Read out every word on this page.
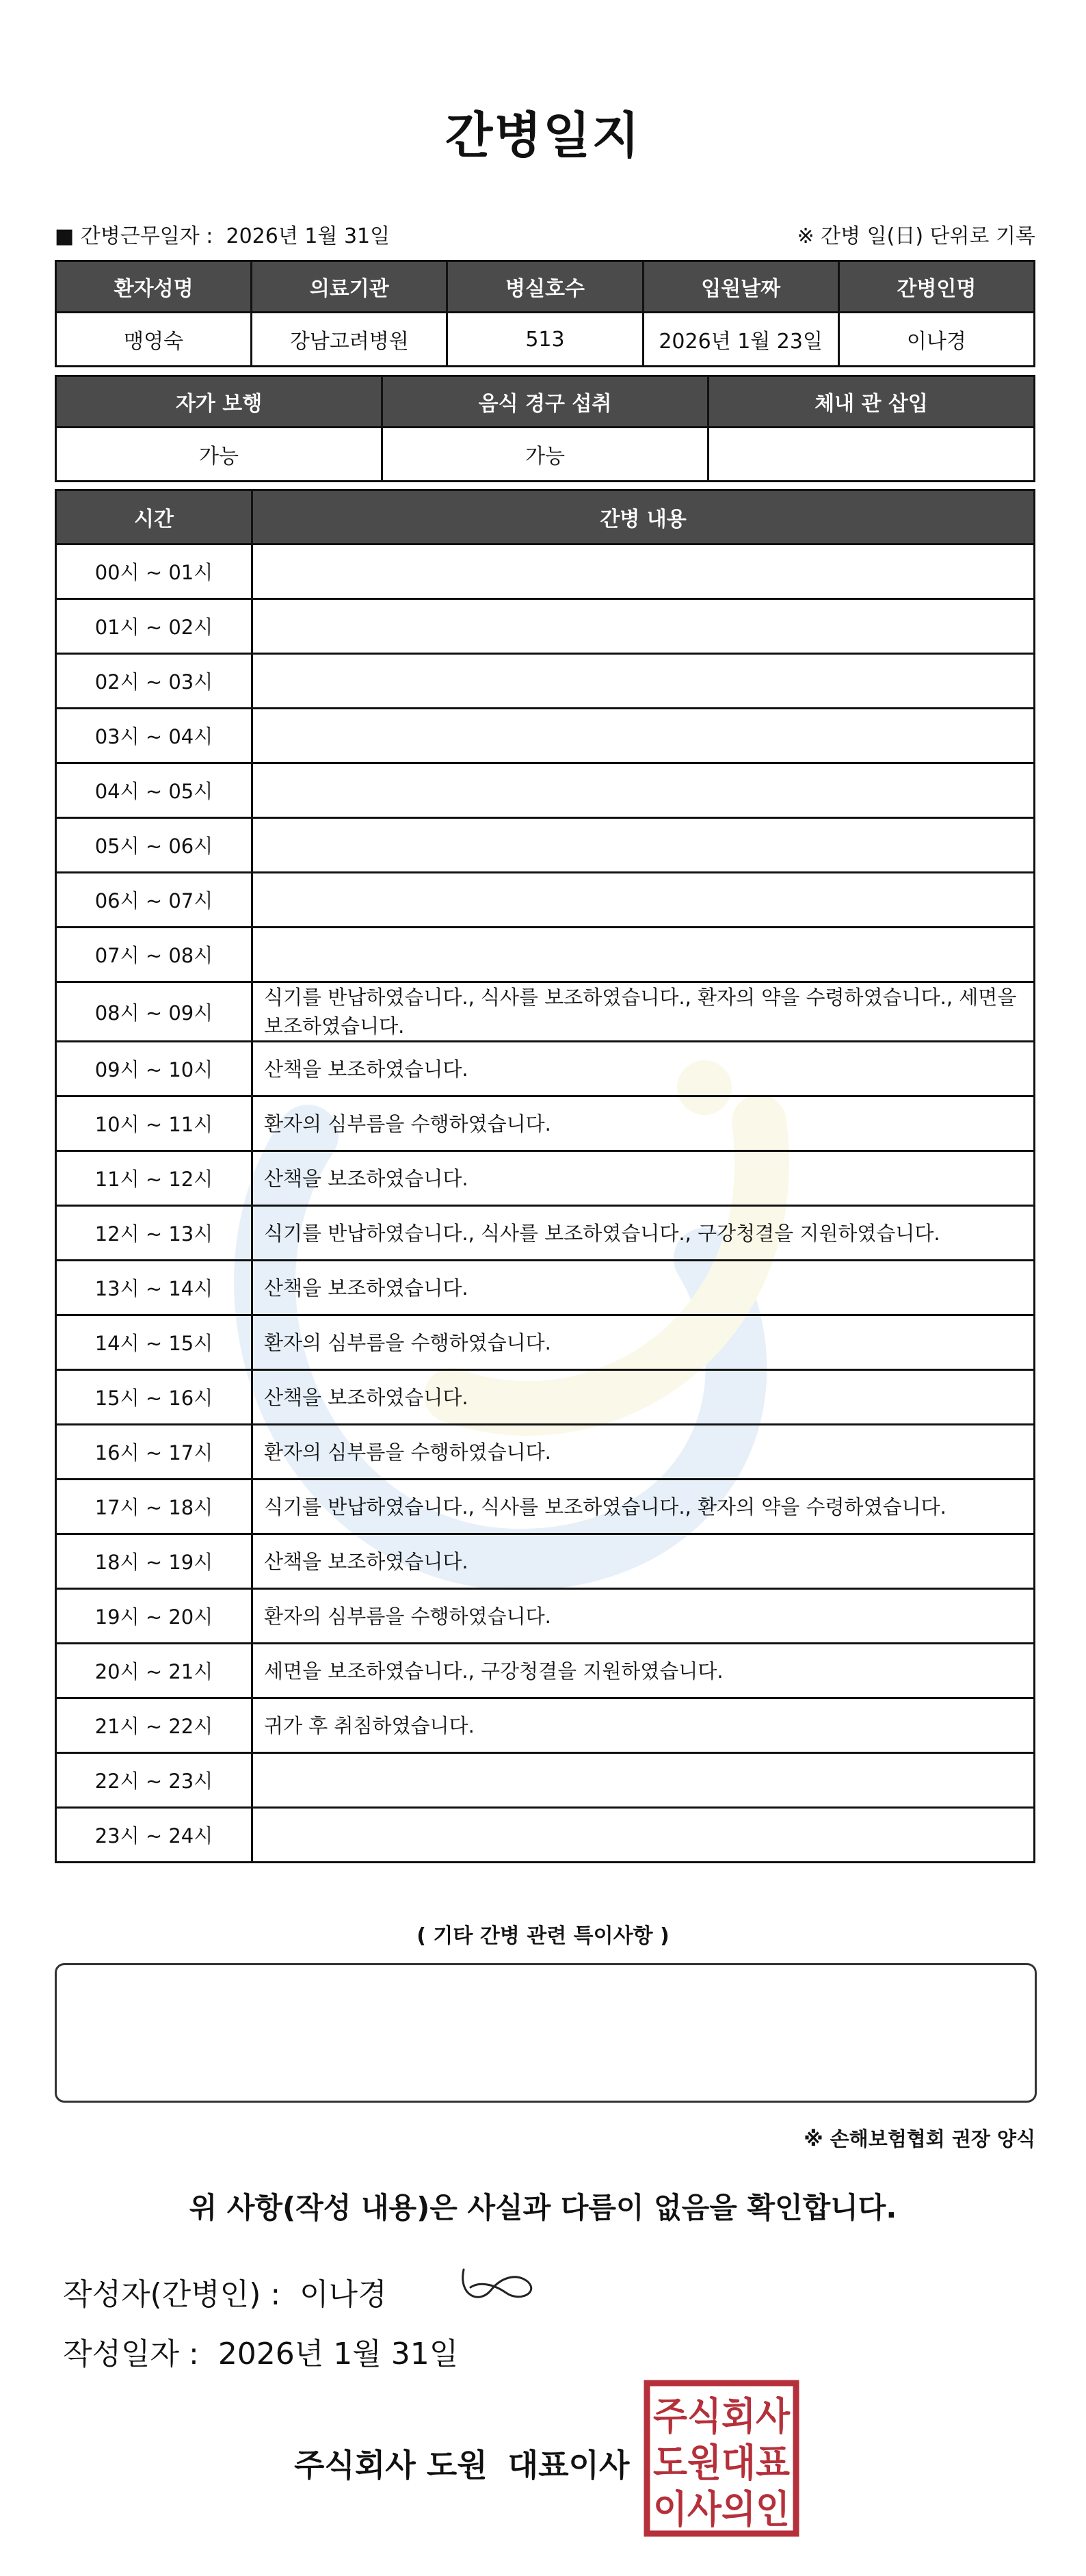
간병일지
■ 간병근무일자 : 2026년 1월 31일	※ 간병 일(日) 단위로 기록
환자성명	의료기관	병실호수	입원날짜	간병인명
맹영숙	강남고려병원	513	2026년 1월 23일	이나경
자가 보행	음식 경구 섭취	체내 관 삽입
가능	가능	
시간	간병 내용
00시 ~ 01시	
01시 ~ 02시	
02시 ~ 03시	
03시 ~ 04시	
04시 ~ 05시	
05시 ~ 06시	
06시 ~ 07시	
07시 ~ 08시	
08시 ~ 09시	식기를 반납하였습니다., 식사를 보조하였습니다., 환자의 약을 수령하였습니다., 세면을 보조하였습니다.
09시 ~ 10시	산책을 보조하였습니다.
10시 ~ 11시	환자의 심부름을 수행하였습니다.
11시 ~ 12시	산책을 보조하였습니다.
12시 ~ 13시	식기를 반납하였습니다., 식사를 보조하였습니다., 구강청결을 지원하였습니다.
13시 ~ 14시	산책을 보조하였습니다.
14시 ~ 15시	환자의 심부름을 수행하였습니다.
15시 ~ 16시	산책을 보조하였습니다.
16시 ~ 17시	환자의 심부름을 수행하였습니다.
17시 ~ 18시	식기를 반납하였습니다., 식사를 보조하였습니다., 환자의 약을 수령하였습니다.
18시 ~ 19시	산책을 보조하였습니다.
19시 ~ 20시	환자의 심부름을 수행하였습니다.
20시 ~ 21시	세면을 보조하였습니다., 구강청결을 지원하였습니다.
21시 ~ 22시	귀가 후 취침하였습니다.
22시 ~ 23시	
23시 ~ 24시	
( 기타 간병 관련 특이사항 )
※ 손해보험협회 권장 양식
위 사항(작성 내용)은 사실과 다름이 없음을 확인합니다.
작성자(간병인) : 이나경
작성일자 : 2026년 1월 31일
주식회사 도원 대표이사
주식회사
도원대표
이사의인
